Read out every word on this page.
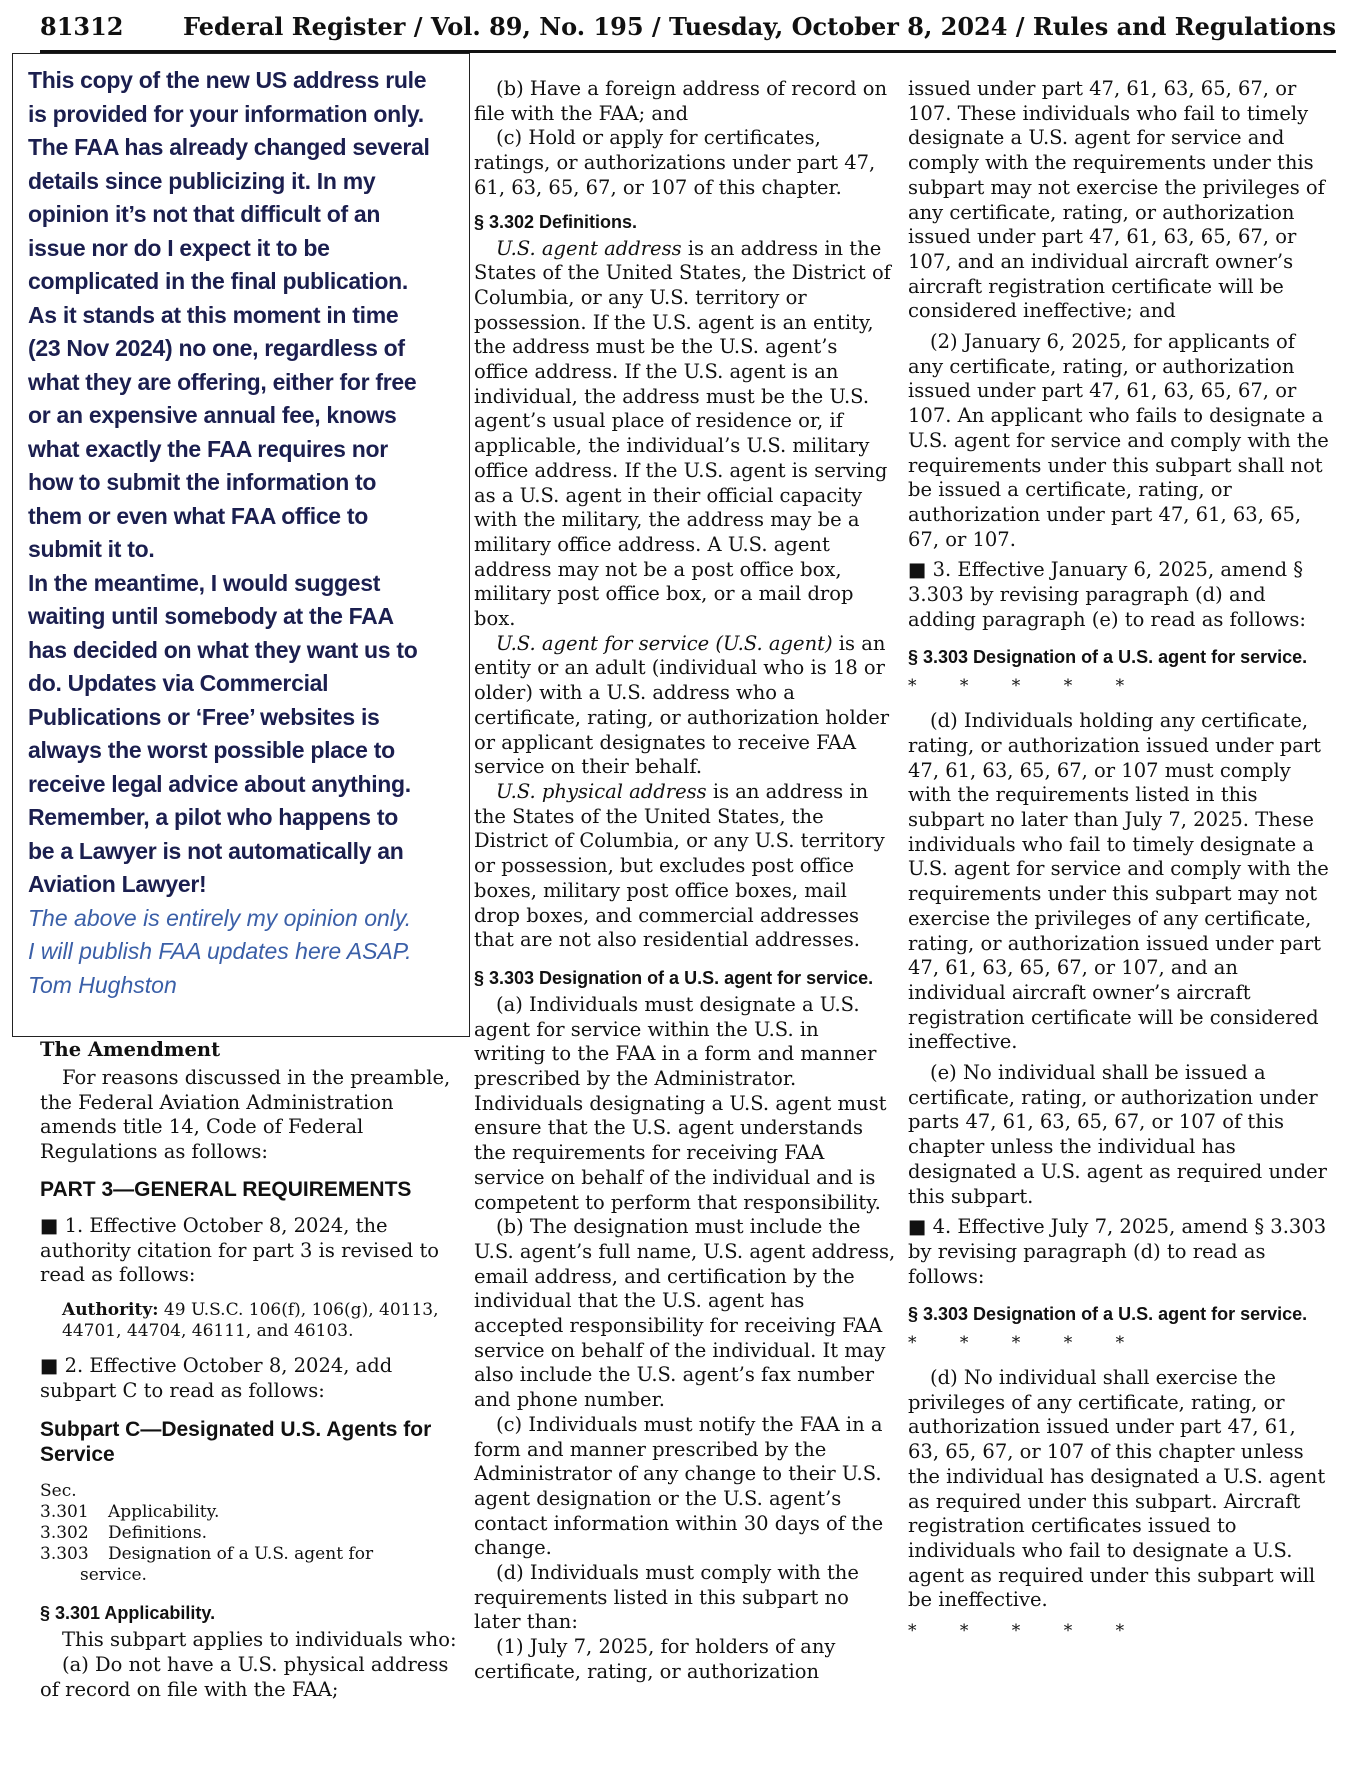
81312	Federal Register / Vol. 89, No. 195 / Tuesday, October 8, 2024 / Rules and Regulations

This copy of the new US address rule

is provided for your information only.

The FAA has already changed several

details since publicizing it. In my

opinion it’s not that difficult of an

issue nor do I expect it to be

complicated in the final publication.

As it stands at this moment in time

(23 Nov 2024) no one, regardless of

what they are offering, either for free

or an expensive annual fee, knows

what exactly the FAA requires nor

how to submit the information to

them or even what FAA office to

submit it to.

In the meantime, I would suggest

waiting until somebody at the FAA

has decided on what they want us to

do. Updates via Commercial

Publications or ‘Free’ websites is

always the worst possible place to

receive legal advice about anything.

Remember, a pilot who happens to

be a Lawyer is not automatically an

Aviation Lawyer!

The above is entirely my opinion only.

I will publish FAA updates here ASAP.

Tom Hughston

The Amendment

For reasons discussed in the preamble, the Federal Aviation Administration amends title 14, Code of Federal Regulations as follows:

PART 3—GENERAL REQUIREMENTS

■ 1. Effective October 8, 2024, the authority citation for part 3 is revised to read as follows:

Authority: 49 U.S.C. 106(f), 106(g), 40113, 44701, 44704, 46111, and 46103.

■ 2. Effective October 8, 2024, add subpart C to read as follows:

Subpart C—Designated U.S. Agents for Service

Sec.

3.301	Applicability.
3.302	Definitions.
3.303	Designation of a U.S. agent for

service.

§ 3.301 Applicability.

This subpart applies to individuals who:

(a) Do not have a U.S. physical address of record on file with the FAA;

(b) Have a foreign address of record on file with the FAA; and

(c) Hold or apply for certificates, ratings, or authorizations under part 47, 61, 63, 65, 67, or 107 of this chapter.

§ 3.302 Definitions.

U.S. agent address is an address in the States of the United States, the District of Columbia, or any U.S. territory or possession. If the U.S. agent is an entity, the address must be the U.S. agent’s office address. If the U.S. agent is an individual, the address must be the U.S. agent’s usual place of residence or, if applicable, the individual’s U.S. military office address. If the U.S. agent is serving as a U.S. agent in their official capacity with the military, the address may be a military office address. A U.S. agent address may not be a post office box, military post office box, or a mail drop box.

U.S. agent for service (U.S. agent) is an entity or an adult (individual who is 18 or older) with a U.S. address who a certificate, rating, or authorization holder or applicant designates to receive FAA service on their behalf.

U.S. physical address is an address in the States of the United States, the District of Columbia, or any U.S. territory or possession, but excludes post office boxes, military post office boxes, mail drop boxes, and commercial addresses that are not also residential addresses.

§ 3.303 Designation of a U.S. agent for service.

(a) Individuals must designate a U.S. agent for service within the U.S. in writing to the FAA in a form and manner prescribed by the Administrator. Individuals designating a U.S. agent must ensure that the U.S. agent understands the requirements for receiving FAA service on behalf of the individual and is competent to perform that responsibility.

(b) The designation must include the U.S. agent’s full name, U.S. agent address, email address, and certification by the individual that the U.S. agent has accepted responsibility for receiving FAA service on behalf of the individual. It may also include the U.S. agent’s fax number and phone number.

(c) Individuals must notify the FAA in a form and manner prescribed by the Administrator of any change to their U.S. agent designation or the U.S. agent’s contact information within 30 days of the change.

(d) Individuals must comply with the requirements listed in this subpart no later than:

(1) July 7, 2025, for holders of any certificate, rating, or authorization

issued under part 47, 61, 63, 65, 67, or 107. These individuals who fail to timely designate a U.S. agent for service and comply with the requirements under this subpart may not exercise the privileges of any certificate, rating, or authorization issued under part 47, 61, 63, 65, 67, or 107, and an individual aircraft owner’s aircraft registration certificate will be considered ineffective; and

(2) January 6, 2025, for applicants of any certificate, rating, or authorization issued under part 47, 61, 63, 65, 67, or 107. An applicant who fails to designate a U.S. agent for service and comply with the requirements under this subpart shall not be issued a certificate, rating, or authorization under part 47, 61, 63, 65, 67, or 107.

■ 3. Effective January 6, 2025, amend § 3.303 by revising paragraph (d) and adding paragraph (e) to read as follows:

§ 3.303 Designation of a U.S. agent for service.

* * * * *

(d) Individuals holding any certificate, rating, or authorization issued under part 47, 61, 63, 65, 67, or 107 must comply with the requirements listed in this subpart no later than July 7, 2025. These individuals who fail to timely designate a U.S. agent for service and comply with the requirements under this subpart may not exercise the privileges of any certificate, rating, or authorization issued under part 47, 61, 63, 65, 67, or 107, and an individual aircraft owner’s aircraft registration certificate will be considered ineffective.

(e) No individual shall be issued a certificate, rating, or authorization under parts 47, 61, 63, 65, 67, or 107 of this chapter unless the individual has designated a U.S. agent as required under this subpart.

■ 4. Effective July 7, 2025, amend § 3.303 by revising paragraph (d) to read as follows:

§ 3.303 Designation of a U.S. agent for service.

* * * * *

(d) No individual shall exercise the privileges of any certificate, rating, or authorization issued under part 47, 61, 63, 65, 67, or 107 of this chapter unless the individual has designated a U.S. agent as required under this subpart. Aircraft registration certificates issued to individuals who fail to designate a U.S. agent as required under this subpart will be ineffective.

* * * * *
